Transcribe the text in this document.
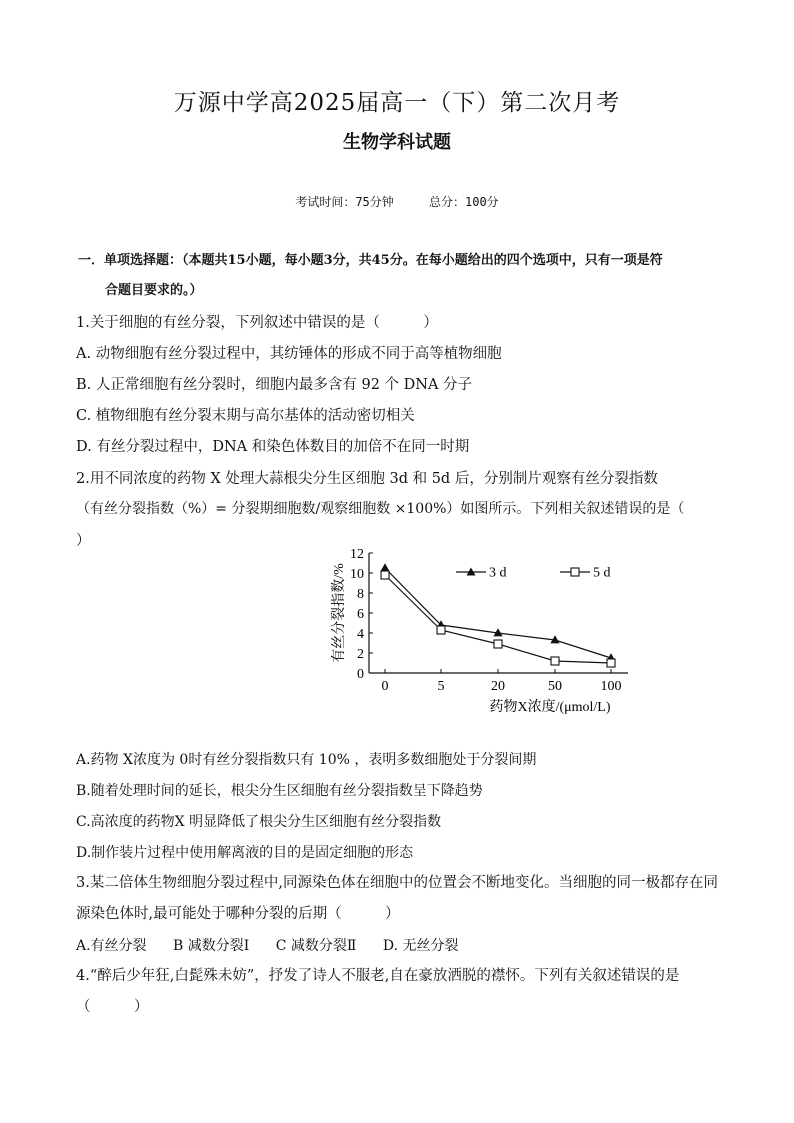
万源中学高2025届高一（下）第二次月考
生物学科试题
考试时间：75分钟	总分：100分
一．单项选择题：（本题共15小题，每小题3分，共45分。在每小题给出的四个选项中，只有一项是符
合题目要求的。）
1.关于细胞的有丝分裂，下列叙述中错误的是（　　　）
A. 动物细胞有丝分裂过程中，其纺锤体的形成不同于高等植物细胞
B. 人正常细胞有丝分裂时，细胞内最多含有 92 个 DNA 分子
C. 植物细胞有丝分裂末期与高尔基体的活动密切相关
D. 有丝分裂过程中，DNA 和染色体数目的加倍不在同一时期
2.用不同浓度的药物 X 处理大蒜根尖分生区细胞 3d 和 5d 后，分别制片观察有丝分裂指数
（有丝分裂指数（%）= 分裂期细胞数/观察细胞数 ×100%）如图所示。下列相关叙述错误的是（
）
0
2
4
6
8
10
12
0	5	20	50	100
3 d	5 d
有丝分裂指数/%
药物X浓度/(μmol/L)
A.药物 X浓度为 0时有丝分裂指数只有 10% ，表明多数细胞处于分裂间期
B.随着处理时间的延长，根尖分生区细胞有丝分裂指数呈下降趋势
C.高浓度的药物X 明显降低了根尖分生区细胞有丝分裂指数
D.制作装片过程中使用解离液的目的是固定细胞的形态
3.某二倍体生物细胞分裂过程中,同源染色体在细胞中的位置会不断地变化。当细胞的同一极都存在同源染色体时,最可能处于哪种分裂的后期（　　　）
A.有丝分裂 B 减数分裂Ⅰ C 减数分裂Ⅱ D. 无丝分裂
4.“醉后少年狂,白髭殊未妨”，抒发了诗人不服老,自在豪放洒脱的襟怀。下列有关叙述错误的是（　　　）
